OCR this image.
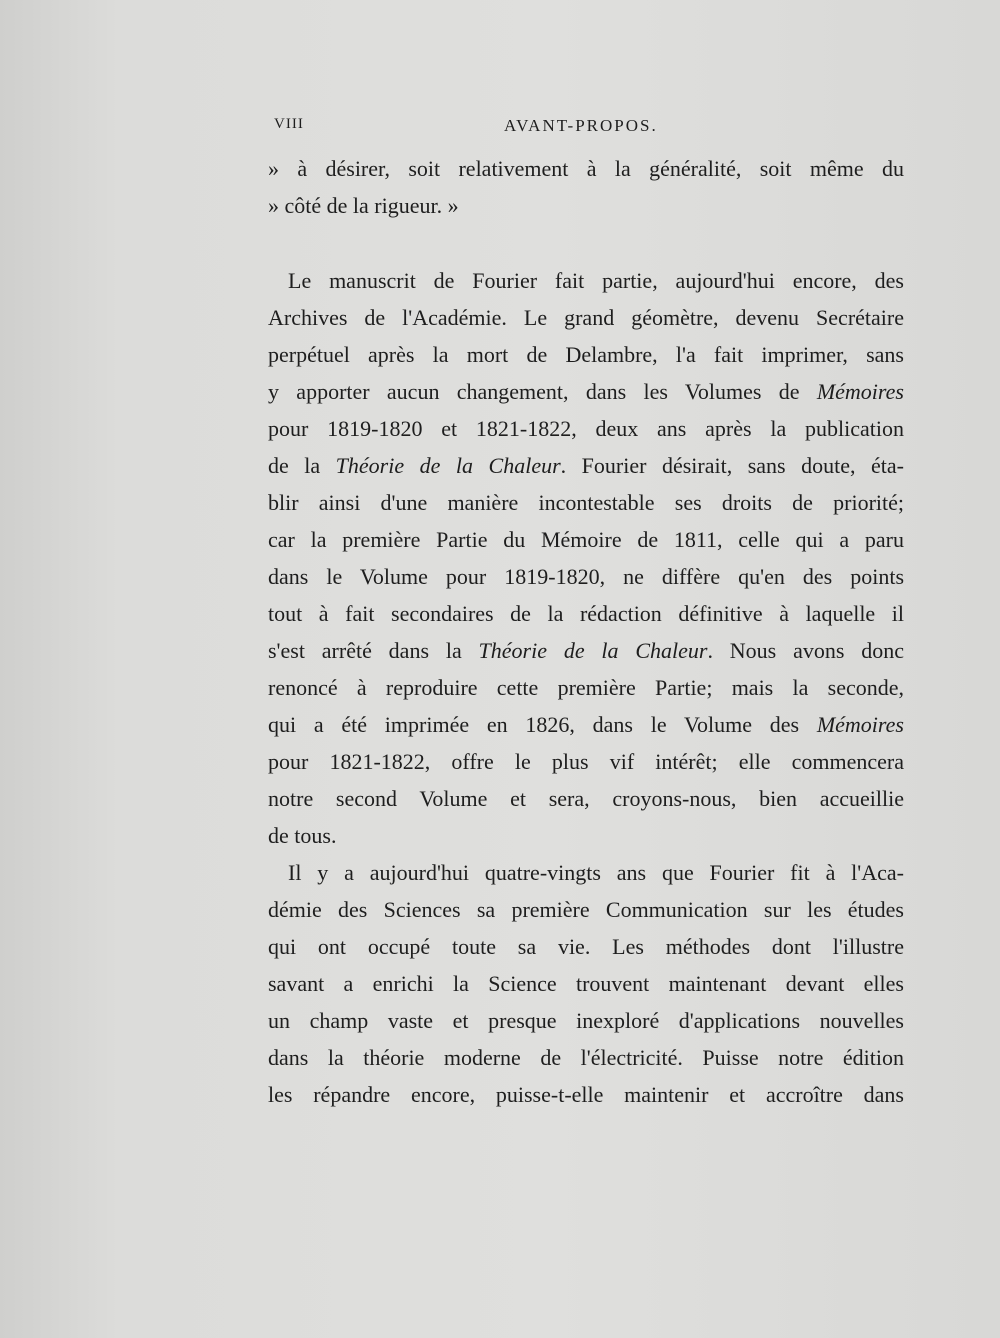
VIII	AVANT-PROPOS.
» à désirer, soit relativement à la généralité, soit même du
» côté de la rigueur. »
Le manuscrit de Fourier fait partie, aujourd'hui encore, des
Archives de l'Académie. Le grand géomètre, devenu Secrétaire
perpétuel après la mort de Delambre, l'a fait imprimer, sans
y apporter aucun changement, dans les Volumes de Mémoires
pour 1819-1820 et 1821-1822, deux ans après la publication
de la Théorie de la Chaleur. Fourier désirait, sans doute, éta-
blir ainsi d'une manière incontestable ses droits de priorité;
car la première Partie du Mémoire de 1811, celle qui a paru
dans le Volume pour 1819-1820, ne diffère qu'en des points
tout à fait secondaires de la rédaction définitive à laquelle il
s'est arrêté dans la Théorie de la Chaleur. Nous avons donc
renoncé à reproduire cette première Partie; mais la seconde,
qui a été imprimée en 1826, dans le Volume des Mémoires
pour 1821-1822, offre le plus vif intérêt; elle commencera
notre second Volume et sera, croyons-nous, bien accueillie
de tous.
Il y a aujourd'hui quatre-vingts ans que Fourier fit à l'Aca-
démie des Sciences sa première Communication sur les études
qui ont occupé toute sa vie. Les méthodes dont l'illustre
savant a enrichi la Science trouvent maintenant devant elles
un champ vaste et presque inexploré d'applications nouvelles
dans la théorie moderne de l'électricité. Puisse notre édition
les répandre encore, puisse-t-elle maintenir et accroître dans
